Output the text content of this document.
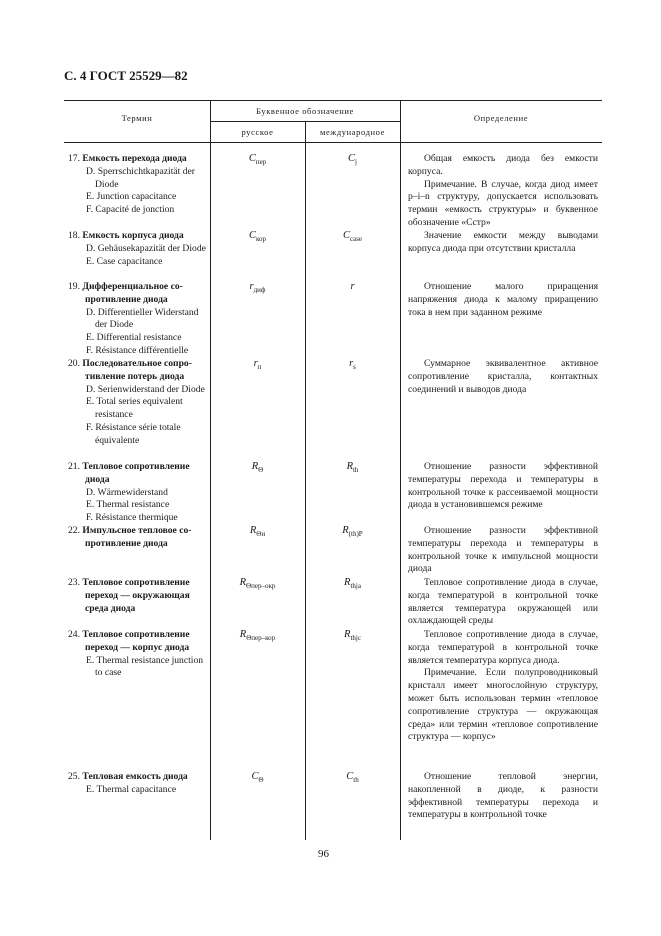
С. 4 ГОСТ 25529—82
Термин
Буквенное обозначение
русское	международное
Определение
17. Емкость перехода диода
D. Sperrschichtkapazität der Diode
E. Junction capacitance
F. Capacité de jonction
$C_{пер}$	$C_j$	Общая емкость диода без емкости корпуса.

Примечание. В случае, когда диод имеет p–i–n структуру, допускается использовать термин «емкость структуры» и буквенное обозначение «Cстр»

18. Емкость корпуса диода
D. Gehäusekapazität der Diode
E. Case capacitance
$C_{кор}$	$C_{case}$	Значение емкости между выводами корпуса диода при отсутствии кристалла

19. Дифференциальное со-
противление диода
D. Differentieller Widerstand der Diode
E. Differential resistance
F. Résistance différentielle
$r_{диф}$	r	Отношение малого приращения напряжения диода к малому приращению тока в нем при заданном режиме

20. Последовательное сопро-
тивление потерь диода
D. Serienwiderstand der Diode
E. Total series equivalent resistance
F. Résistance série totale équivalente
$r_п$	$r_s$	Суммарное эквивалентное активное сопротивление кристалла, контактных соединений и выводов диода

21. Тепловое сопротивление
диода
D. Wärmewiderstand
E. Thermal resistance
F. Résistance thermique
$R_\Theta$	$R_{th}$	Отношение разности эффективной температуры перехода и температуры в контрольной точке к рассеиваемой мощности диода в установившемся режиме

22. Импульсное тепловое со-
противление диода
$R_{\Theta и}$	$R_{(th)P}$	Отношение разности эффективной температуры перехода и температуры в контрольной точке к импульсной мощности диода

23. Тепловое сопротивление
переход — окружающая
среда диода
$R_{\Theta пер-окр}$	$R_{thja}$	Тепловое сопротивление диода в случае, когда температурой в контрольной точке является температура окружающей или охлаждающей среды

24. Тепловое сопротивление
переход — корпус диода
E. Thermal resistance junction to case
$R_{\Theta пер-кор}$	$R_{thjc}$	Тепловое сопротивление диода в случае, когда температурой в контрольной точке является температура корпуса диода.

Примечание. Если полупроводниковый кристалл имеет многослойную структуру, может быть использован термин «тепловое сопротивление структура — окружающая среда» или термин «тепловое сопротивление структура — корпус»

25. Тепловая емкость диода
E. Thermal capacitance
$C_\Theta$	$C_{th}$	Отношение тепловой энергии, накопленной в диоде, к разности эффективной температуры перехода и температуры в контрольной точке

96
